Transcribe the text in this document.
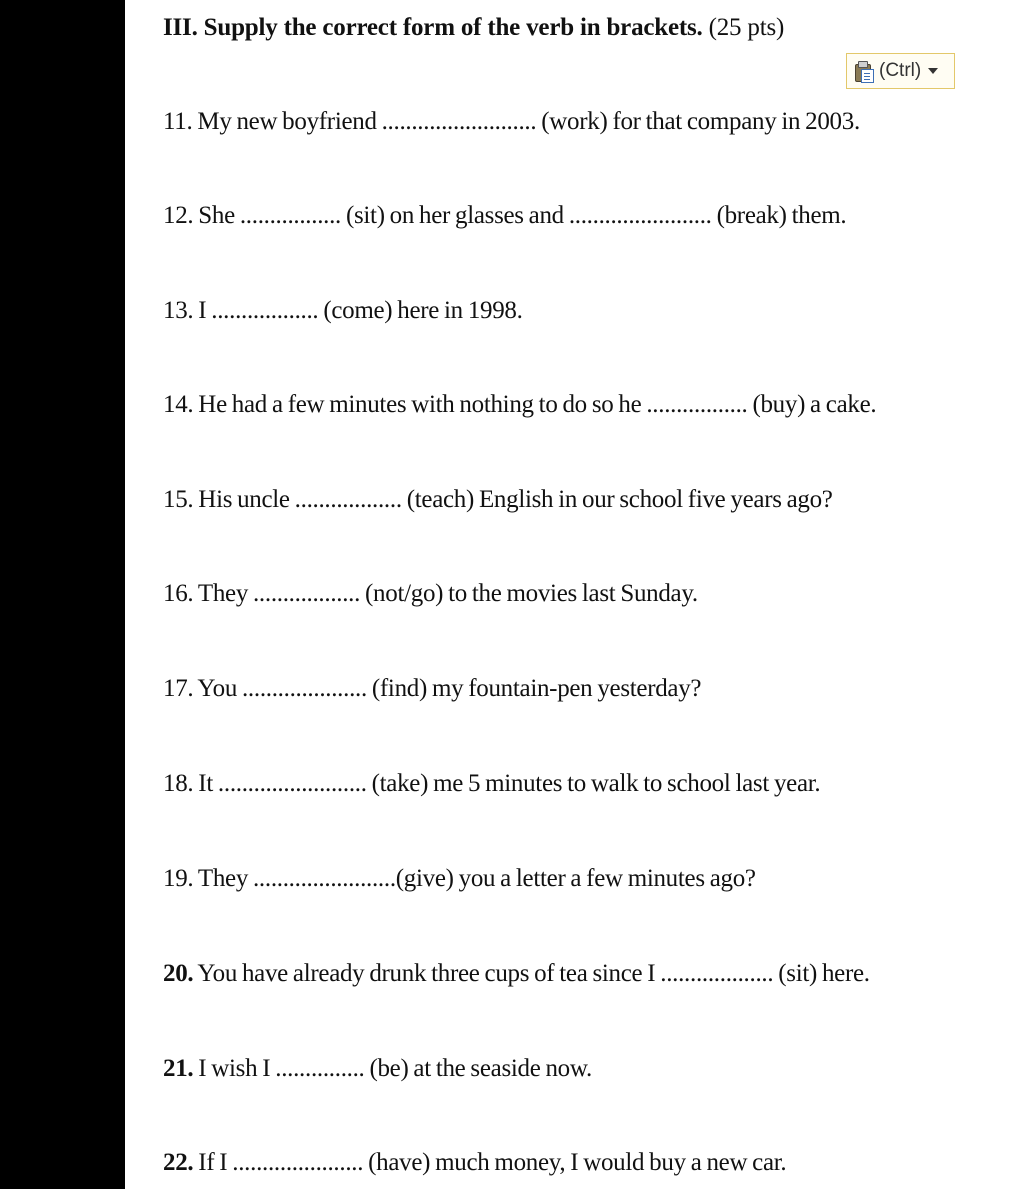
III. Supply the correct form of the verb in brackets. (25 pts)
(Ctrl)
11. My new boyfriend .......................... (work) for that company in 2003.
12. She ................. (sit) on her glasses and ........................ (break) them.
13. I .................. (come) here in 1998.
14. He had a few minutes with nothing to do so he ................. (buy) a cake.
15. His uncle .................. (teach) English in our school five years ago?
16. They .................. (not/go) to the movies last Sunday.
17. You ..................... (find) my fountain-pen yesterday?
18. It ......................... (take) me 5 minutes to walk to school last year.
19. They ........................(give) you a letter a few minutes ago?
20. You have already drunk three cups of tea since I ................... (sit) here.
21. I wish I ............... (be) at the seaside now.
22. If I ...................... (have) much money, I would buy a new car.
